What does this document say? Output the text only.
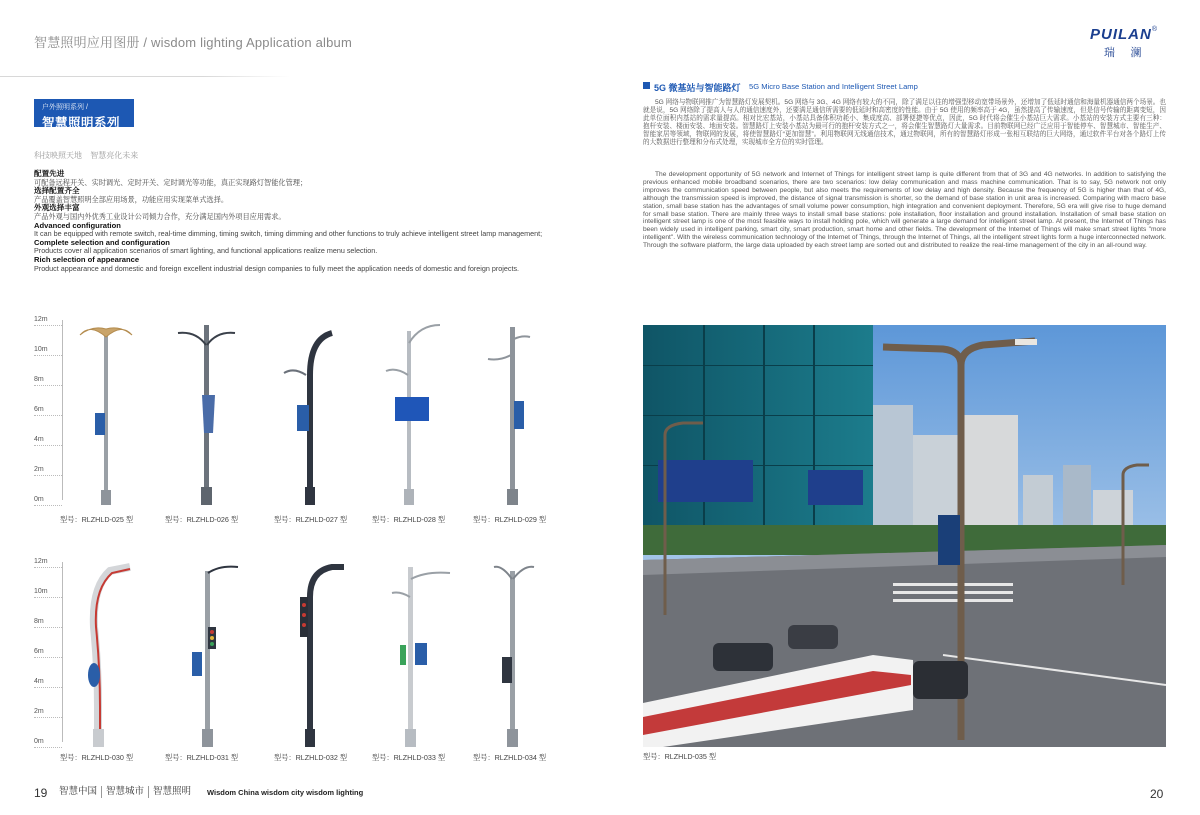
智慧照明应用图册 / wisdom lighting Application album	PUILAN®
瑞 澜
户外照明系列 /
智慧照明系列
科技映照天地 智慧亮化未来
配置先进
可配备远程开关、实时调光、定时开关、定时调光等功能，真正实现路灯智能化管理；
选择配置齐全
产品覆盖智慧照明全部应用场景，功能应用实现菜单式选择。
外观选择丰富
产品外观与国内外优秀工业设计公司倾力合作，充分满足国内外项目应用需求。
Advanced configuration
It can be equipped with remote switch, real-time dimming, timing switch, timing dimming and other functions to truly achieve intelligent street lamp management;
Complete selection and configuration
Products cover all application scenarios of smart lighting, and functional applications realize menu selection.
Rich selection of appearance
Product appearance and domestic and foreign excellent industrial design companies to fully meet the application needs of domestic and foreign projects.
5G 微基站与智能路灯 5G Micro Base Station and Intelligent Street Lamp
5G 网络与物联网推广为智慧路灯发展契机。5G 网络与 3G、4G 网络有较大的不同，除了满足以往的增强型移动宽带场景外，还增加了低延时通信和海量机器通信两个场景。也就是说，5G 网络除了提高人与人的通信速度外，还要满足通信所需要的低延时和高密度的性能。由于 5G 使用的频率高于 4G，虽然提高了传输速度，但是信号传输的距离变短，因此单位面积内基站的需求量提高。相对比宏基站，小基站具备体积功耗小、集成度高、部署便捷等优点，因此，5G 时代将会催生小基站巨大需求。小基站的安装方式主要有三种：抱杆安装、楼面安装、地面安装。智慧路灯上安装小基站为最可行的抱杆安装方式之一，将会催生智慧路灯大量需求。目前物联网已经广泛应用于智能停车、智慧城市、智能生产、智能家居等领域，物联网的发展，将使智慧路灯“更加智慧”。利用物联网无线通信技术，通过物联网，所有的智慧路灯形成一张相互联结的巨大网络，通过软件平台对各个路灯上传的大数据进行整理和分布式处理，实现城市全方位的实时管理。
The development opportunity of 5G network and Internet of Things for intelligent street lamp is quite different from that of 3G and 4G networks. In addition to satisfying the previous enhanced mobile broadband scenarios, there are two scenarios: low delay communication and mass machine communication. That is to say, 5G network not only improves the communication speed between people, but also meets the requirements of low delay and high density. Because the frequency of 5G is higher than that of 4G, although the transmission speed is improved, the distance of signal transmission is shorter, so the demand of base station in unit area is increased. Comparing with macro base station, small base station has the advantages of small volume power consumption, high integration and convenient deployment. Therefore, 5G era will give rise to huge demand for small base station. There are mainly three ways to install small base stations: pole installation, floor installation and ground installation. Installation of small base station on intelligent street lamp is one of the most feasible ways to install holding pole, which will generate a large demand for intelligent street lamp. At present, the Internet of Things has been widely used in intelligent parking, smart city, smart production, smart home and other fields. The development of the Internet of Things will make smart street lights "more intelligent". With the wireless communication technology of the Internet of Things, through the Internet of Things, all the intelligent street lights form a huge interconnected network. Through the software platform, the large data uploaded by each street lamp are sorted out and distributed to realize the real-time management of the city in an all-round way.
12m
10m
8m
6m
4m
2m
0m
12m
10m
8m
6m
4m
2m
0m
型号：RLZHLD-025 型	型号：RLZHLD-026 型	型号：RLZHLD-027 型	型号：RLZHLD-028 型	型号：RLZHLD-029 型
型号：RLZHLD-030 型	型号：RLZHLD-031 型	型号：RLZHLD-032 型	型号：RLZHLD-033 型	型号：RLZHLD-034 型	型号：RLZHLD-035 型
19	智慧中国 智慧城市 智慧照明	Wisdom China wisdom city wisdom lighting	20
